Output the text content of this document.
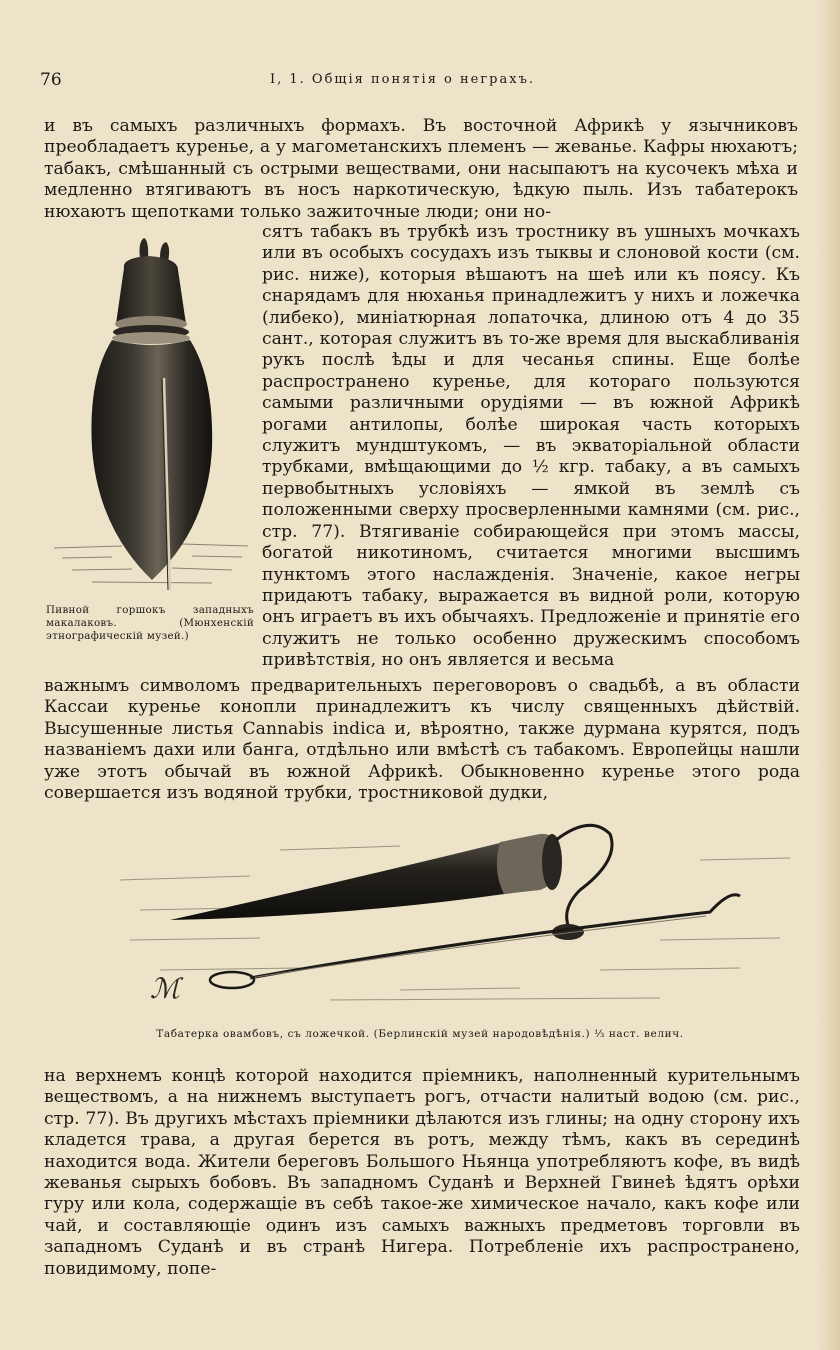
76	I, 1. Общія понятія о неграхъ.

и въ самыхъ различныхъ формахъ. Въ восточной Африкѣ у язычниковъ преобладаетъ куренье, а у магометанскихъ племенъ — жеванье. Кафры нюхаютъ; табакъ, смѣшанный съ острыми веществами, они насыпаютъ на кусочекъ мѣха и медленно втягиваютъ въ носъ наркотическую, ѣдкую пыль. Изъ табатерокъ нюхаютъ щепотками только зажиточные люди; они но-

Пивной горшокъ западныхъ макалаковъ. (Мюнхенскій этнографическій музей.)

сятъ табакъ въ трубкѣ изъ тростнику въ ушныхъ мочкахъ или въ особыхъ сосудахъ изъ тыквы и слоновой кости (см. рис. ниже), которыя вѣшаютъ на шеѣ или къ поясу. Къ снарядамъ для нюханья принадлежитъ у нихъ и ложечка (либеко), миніатюрная лопаточка, длиною отъ 4 до 35 сант., которая служитъ въ то-же время для выскабливанія рукъ послѣ ѣды и для чесанья спины. Еще болѣе распространено куренье, для котораго пользуются самыми различными орудіями — въ южной Африкѣ рогами антилопы, болѣе широкая часть которыхъ служитъ мундштукомъ, — въ экваторіальной области трубками, вмѣщающими до ½ кгр. табаку, а въ самыхъ первобытныхъ условіяхъ — ямкой въ землѣ съ положенными сверху просверленными камнями (см. рис., стр. 77). Втягиваніе собирающейся при этомъ массы, богатой никотиномъ, считается многими высшимъ пунктомъ этого наслажденія. Значеніе, какое негры придаютъ табаку, выражается въ видной роли, которую онъ играетъ въ ихъ обычаяхъ. Предложеніе и принятіе его служитъ не только особенно дружескимъ способомъ привѣтствія, но онъ является и весьма

важнымъ символомъ предварительныхъ переговоровъ о свадьбѣ, а въ области Кассаи куренье конопли принадлежитъ къ числу священныхъ дѣйствій. Высушенные листья Cannabis indica и, вѣроятно, также дурмана курятся, подъ названіемъ дахи или банга, отдѣльно или вмѣстѣ съ табакомъ. Европейцы нашли уже этотъ обычай въ южной Африкѣ. Обыкновенно куренье этого рода совершается изъ водяной трубки, тростниковой дудки,

ℳ
Табатерка овамбовъ, съ ложечкой. (Берлинскій музей народовѣдѣнія.) ⅓ наст. велич.

на верхнемъ концѣ которой находится пріемникъ, наполненный курительнымъ веществомъ, а на нижнемъ выступаетъ рогъ, отчасти налитый водою (см. рис., стр. 77). Въ другихъ мѣстахъ пріемники дѣлаются изъ глины; на одну сторону ихъ кладется трава, а другая берется въ ротъ, между тѣмъ, какъ въ серединѣ находится вода. Жители береговъ Большого Ньянца употребляютъ кофе, въ видѣ жеванья сырыхъ бобовъ. Въ западномъ Суданѣ и Верхней Гвинеѣ ѣдятъ орѣхи гуру или кола, содержащіе въ себѣ такое-же химическое начало, какъ кофе или чай, и составляющіе одинъ изъ самыхъ важныхъ предметовъ торговли въ западномъ Суданѣ и въ странѣ Нигера. Потребленіе ихъ распространено, повидимому, попе-
